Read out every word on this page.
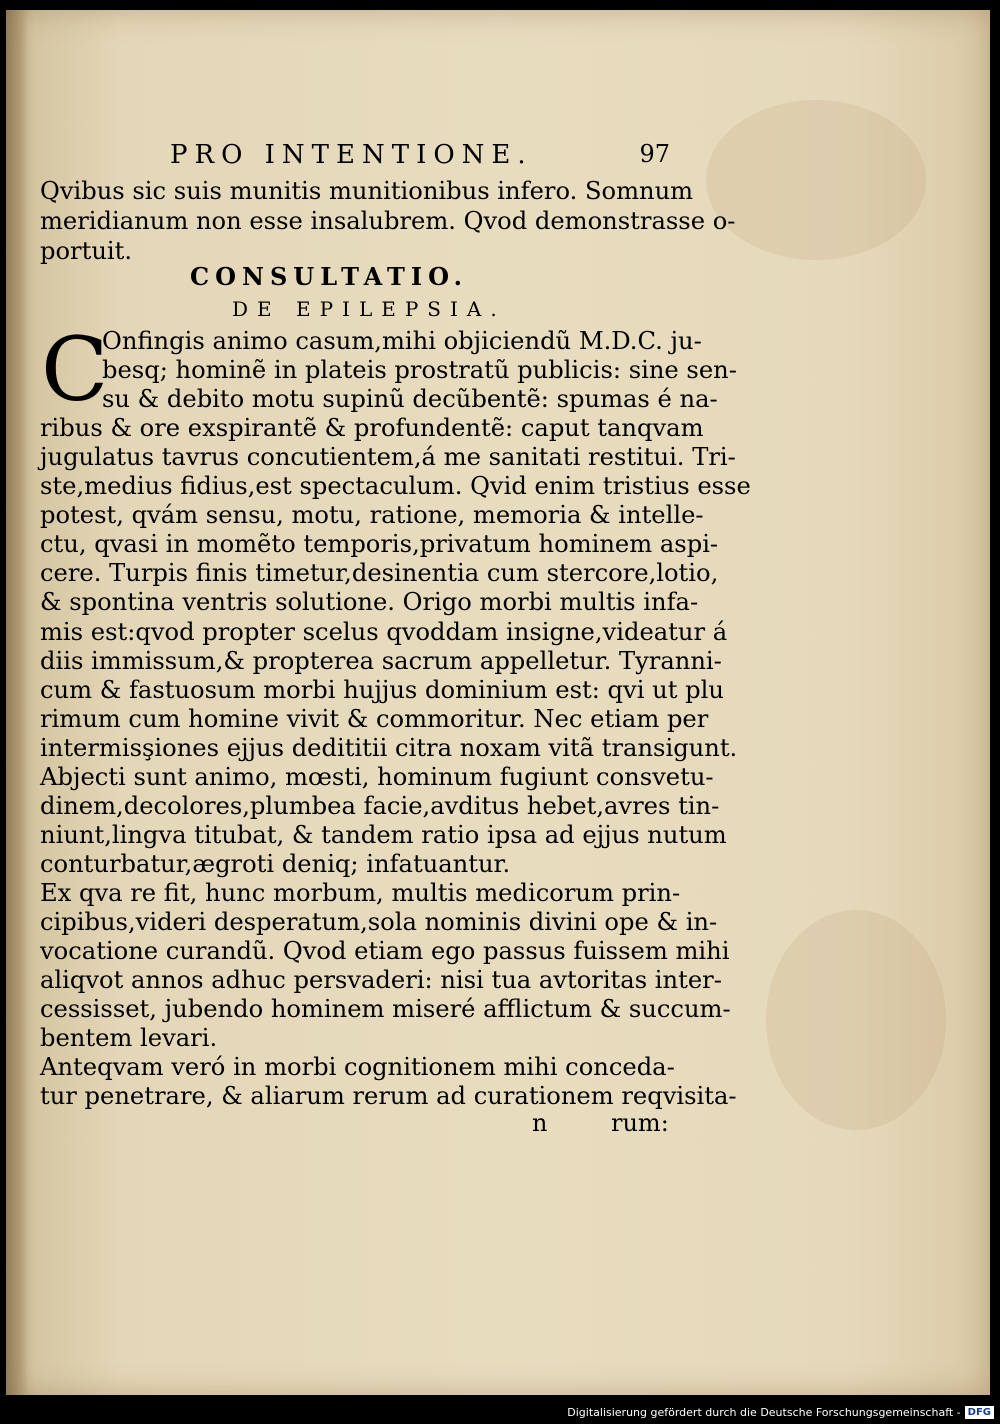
PRO INTENTIONE.	97
Qvibus sic suis munitis munitionibus infero. Somnum
meridianum non esse insalubrem. Qvod demonstrasse o-
portuit.
CONSULTATIO.
DE EPILEPSIA.
C
Onfingis animo casum,mihi objiciendũ M.D.C. ju-
besq; hominẽ in plateis prostratũ publicis: sine sen-
su & debito motu supinũ decũbentẽ: spumas é na-
ribus & ore exspirantẽ & profundentẽ: caput tanqvam
jugulatus tavrus concutientem,á me sanitati restitui. Tri-
ste,medius fidius,est spectaculum. Qvid enim tristius esse
potest, qvám sensu, motu, ratione, memoria & intelle-
ctu, qvasi in momẽto temporis,privatum hominem aspi-
cere. Turpis finis timetur,desinentia cum stercore,lotio,
& spontina ventris solutione. Origo morbi multis infa-
mis est:qvod propter scelus qvoddam insigne,videatur á
diis immissum,& propterea sacrum appelletur. Tyranni-
cum & fastuosum morbi hujjus dominium est: qvi ut plu
rimum cum homine vivit & commoritur. Nec etiam per
intermisşiones ejjus dedititii citra noxam vitã transigunt.
Abjecti sunt animo, mœsti, hominum fugiunt consvetu-
dinem,decolores,plumbea facie,avditus hebet,avres tin-
niunt,lingva titubat, & tandem ratio ipsa ad ejjus nutum
conturbatur,ægroti deniq; infatuantur.
Ex qva re fit, hunc morbum, multis medicorum prin-
cipibus,videri desperatum,sola nominis divini ope & in-
vocatione curandũ. Qvod etiam ego passus fuissem mihi
aliqvot annos adhuc persvaderi: nisi tua avtoritas inter-
cessisset, jubendo hominem miseré afflictum & succum-
bentem levari.
Anteqvam veró in morbi cognitionem mihi conceda-
tur penetrare, & aliarum rerum ad curationem reqvisita-
n	rum:
Digitalisierung gefördert durch die Deutsche Forschungsgemeinschaft - DFG
